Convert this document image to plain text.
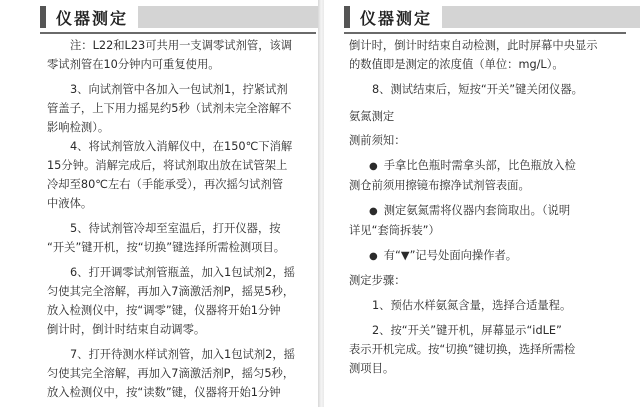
仪器测定

注：L22和L23可共用一支调零试剂管，该调

零试剂管在10分钟内可重复使用。

3、向试剂管中各加入一包试剂1，拧紧试剂

管盖子，上下用力摇晃约5秒（试剂未完全溶解不

影响检测）。

4、将试剂管放入消解仪中，在150℃下消解

15分钟。消解完成后，将试剂取出放在试管架上

冷却至80℃左右（手能承受），再次摇匀试剂管

中液体。

5、待试剂管冷却至室温后，打开仪器，按

“开关”键开机，按“切换”键选择所需检测项目。

6、打开调零试剂管瓶盖，加入1包试剂2，摇

匀使其完全溶解，再加入7滴激活剂P，摇晃5秒，

放入检测仪中，按“调零”键，仪器将开始1分钟

倒计时，倒计时结束自动调零。

7、打开待测水样试剂管，加入1包试剂2，摇

匀使其完全溶解，再加入7滴激活剂P，摇匀5秒，

放入检测仪中，按“读数”键，仪器将开始1分钟

仪器测定

倒计时，倒计时结束自动检测，此时屏幕中央显示

的数值即是测定的浓度值（单位：mg/L）。

8、测试结束后，短按“开关”键关闭仪器。

氨氮测定

测前须知：

● 手拿比色瓶时需拿头部，比色瓶放入检

测仓前须用擦镜布擦净试剂管表面。

● 测定氨氮需将仪器内套筒取出。（说明

详见“套筒拆装”）

● 有“▼”记号处面向操作者。

测定步骤：

1、预估水样氨氮含量，选择合适量程。

2、按“开关”键开机，屏幕显示“idLE”

表示开机完成。按“切换”键切换，选择所需检

测项目。
